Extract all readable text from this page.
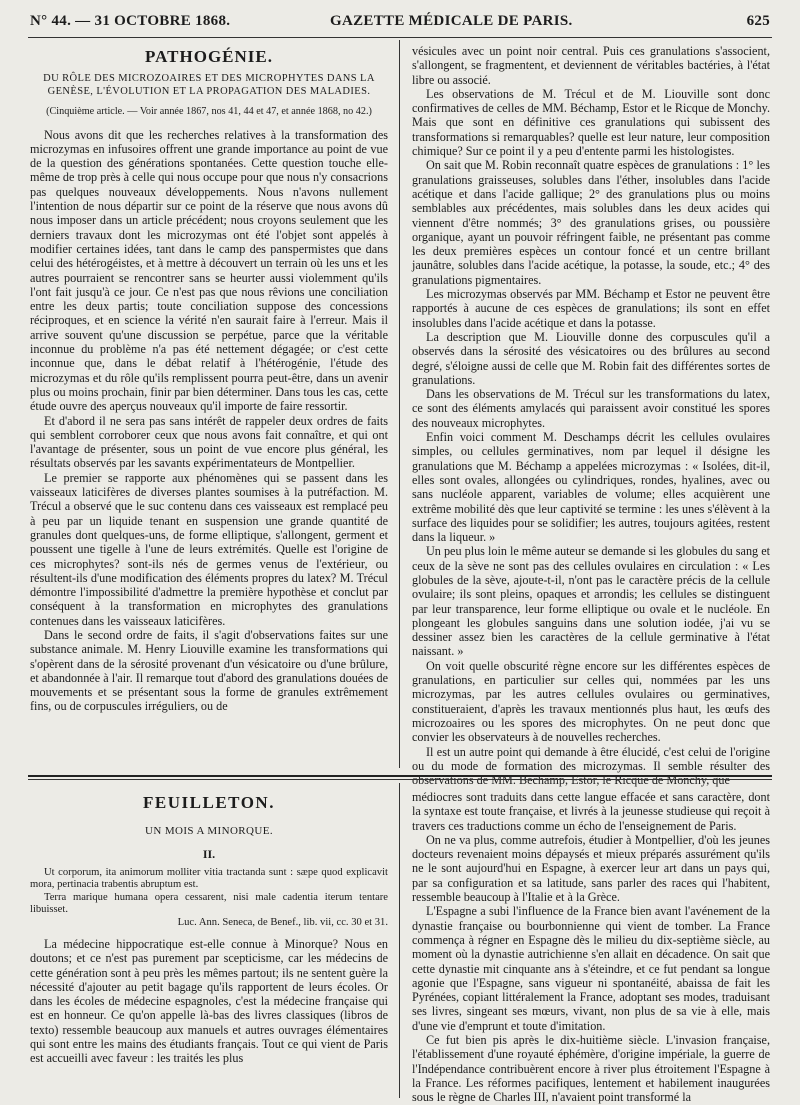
N° 44. — 31 OCTOBRE 1868.	GAZETTE MÉDICALE DE PARIS.	625
PATHOGÉNIE.
DU RÔLE DES MICROZOAIRES ET DES MICROPHYTES DANS LA GENÈSE, L'ÉVOLUTION ET LA PROPAGATION DES MALADIES.
(Cinquième article. — Voir année 1867, nos 41, 44 et 47, et année 1868, no 42.)

Nous avons dit que les recherches relatives à la transformation des microzymas en infusoires offrent une grande importance au point de vue de la question des générations spontanées. Cette question touche elle-même de trop près à celle qui nous occupe pour que nous n'y consacrions pas quelques nouveaux développements. Nous n'avons nullement l'intention de nous départir sur ce point de la réserve que nous avons dû nous imposer dans un article précédent; nous croyons seulement que les derniers travaux dont les microzymas ont été l'objet sont appelés à modifier certaines idées, tant dans le camp des panspermistes que dans celui des hétérogéistes, et à mettre à découvert un terrain où les uns et les autres pourraient se rencontrer sans se heurter aussi violemment qu'ils l'ont fait jusqu'à ce jour. Ce n'est pas que nous rêvions une conciliation entre les deux partis; toute conciliation suppose des concessions réciproques, et en science la vérité n'en saurait faire à l'erreur. Mais il arrive souvent qu'une discussion se perpétue, parce que la véritable inconnue du problème n'a pas été nettement dégagée; or c'est cette inconnue que, dans le débat relatif à l'hétérogénie, l'étude des microzymas et du rôle qu'ils remplissent pourra peut-être, dans un avenir plus ou moins prochain, finir par bien déterminer. Dans tous les cas, cette étude ouvre des aperçus nouveaux qu'il importe de faire ressortir.

Et d'abord il ne sera pas sans intérêt de rappeler deux ordres de faits qui semblent corroborer ceux que nous avons fait connaître, et qui ont l'avantage de présenter, sous un point de vue encore plus général, les résultats observés par les savants expérimentateurs de Montpellier.

Le premier se rapporte aux phénomènes qui se passent dans les vaisseaux laticifères de diverses plantes soumises à la putréfaction. M. Trécul a observé que le suc contenu dans ces vaisseaux est remplacé peu à peu par un liquide tenant en suspension une grande quantité de granules dont quelques-uns, de forme elliptique, s'allongent, germent et poussent une tigelle à l'une de leurs extrémités. Quelle est l'origine de ces microphytes? sont-ils nés de germes venus de l'extérieur, ou résultent-ils d'une modification des éléments propres du latex? M. Trécul démontre l'impossibilité d'admettre la première hypothèse et conclut par conséquent à la transformation en microphytes des granulations contenues dans les vaisseaux laticifères.

Dans le second ordre de faits, il s'agit d'observations faites sur une substance animale. M. Henry Liouville examine les transformations qui s'opèrent dans de la sérosité provenant d'un vésicatoire ou d'une brûlure, et abandonnée à l'air. Il remarque tout d'abord des granulations douées de mouvements et se présentant sous la forme de granules extrêmement fins, ou de corpuscules irréguliers, ou de

vésicules avec un point noir central. Puis ces granulations s'associent, s'allongent, se fragmentent, et deviennent de véritables bactéries, à l'état libre ou associé.

Les observations de M. Trécul et de M. Liouville sont donc confirmatives de celles de MM. Béchamp, Estor et le Ricque de Monchy. Mais que sont en définitive ces granulations qui subissent des transformations si remarquables? quelle est leur nature, leur composition chimique? Sur ce point il y a peu d'entente parmi les histologistes.

On sait que M. Robin reconnaît quatre espèces de granulations : 1° les granulations graisseuses, solubles dans l'éther, insolubles dans l'acide acétique et dans l'acide gallique; 2° des granulations plus ou moins semblables aux précédentes, mais solubles dans les deux acides qui viennent d'être nommés; 3° des granulations grises, ou poussière organique, ayant un pouvoir réfringent faible, ne présentant pas comme les deux premières espèces un contour foncé et un centre brillant jaunâtre, solubles dans l'acide acétique, la potasse, la soude, etc.; 4° des granulations pigmentaires.

Les microzymas observés par MM. Béchamp et Estor ne peuvent être rapportés à aucune de ces espèces de granulations; ils sont en effet insolubles dans l'acide acétique et dans la potasse.

La description que M. Liouville donne des corpuscules qu'il a observés dans la sérosité des vésicatoires ou des brûlures au second degré, s'éloigne aussi de celle que M. Robin fait des différentes sortes de granulations.

Dans les observations de M. Trécul sur les transformations du latex, ce sont des éléments amylacés qui paraissent avoir constitué les spores des nouveaux microphytes.

Enfin voici comment M. Deschamps décrit les cellules ovulaires simples, ou cellules germinatives, nom par lequel il désigne les granulations que M. Béchamp a appelées microzymas : « Isolées, dit-il, elles sont ovales, allongées ou cylindriques, rondes, hyalines, avec ou sans nucléole apparent, variables de volume; elles acquièrent une extrême mobilité dès que leur captivité se termine : les unes s'élèvent à la surface des liquides pour se solidifier; les autres, toujours agitées, restent dans la liqueur. »

Un peu plus loin le même auteur se demande si les globules du sang et ceux de la sève ne sont pas des cellules ovulaires en circulation : « Les globules de la sève, ajoute-t-il, n'ont pas le caractère précis de la cellule ovulaire; ils sont pleins, opaques et arrondis; les cellules se distinguent par leur transparence, leur forme elliptique ou ovale et le nucléole. En plongeant les globules sanguins dans une solution iodée, j'ai vu se dessiner assez bien les caractères de la cellule germinative à l'état naissant. »

On voit quelle obscurité règne encore sur les différentes espèces de granulations, en particulier sur celles qui, nommées par les uns microzymas, par les autres cellules ovulaires ou germinatives, constitueraient, d'après les travaux mentionnés plus haut, les œufs des microzoaires ou les spores des microphytes. On ne peut donc que convier les observateurs à de nouvelles recherches.

Il est un autre point qui demande à être élucidé, c'est celui de l'origine ou du mode de formation des microzymas. Il semble résulter des observations de MM. Béchamp, Estor, le Ricque de Monchy, que

FEUILLETON.
UN MOIS A MINORQUE.
II.

Ut corporum, ita animorum molliter vitia tractanda sunt : sæpe quod explicavit mora, pertinacia trabentis abruptum est.

Terra marique humana opera cessarent, nisi male cadentia iterum tentare libuisset.

Luc. Ann. Seneca, de Benef., lib. vii, cc. 30 et 31.

La médecine hippocratique est-elle connue à Minorque? Nous en doutons; et ce n'est pas purement par scepticisme, car les médecins de cette génération sont à peu près les mêmes partout; ils ne sentent guère la nécessité d'ajouter au petit bagage qu'ils rapportent de leurs écoles. Or dans les écoles de médecine espagnoles, c'est la médecine française qui est en honneur. Ce qu'on appelle là-bas des livres classiques (libros de texto) ressemble beaucoup aux manuels et autres ouvrages élémentaires qui sont entre les mains des étudiants français. Tout ce qui vient de Paris est accueilli avec faveur : les traités les plus

médiocres sont traduits dans cette langue effacée et sans caractère, dont la syntaxe est toute française, et livrés à la jeunesse studieuse qui reçoit à travers ces traductions comme un écho de l'enseignement de Paris.

On ne va plus, comme autrefois, étudier à Montpellier, d'où les jeunes docteurs revenaient moins dépaysés et mieux préparés assurément qu'ils ne le sont aujourd'hui en Espagne, à exercer leur art dans un pays qui, par sa configuration et sa latitude, sans parler des races qui l'habitent, ressemble beaucoup à l'Italie et à la Grèce.

L'Espagne a subi l'influence de la France bien avant l'avénement de la dynastie française ou bourbonnienne qui vient de tomber. La France commença à régner en Espagne dès le milieu du dix-septième siècle, au moment où la dynastie autrichienne s'en allait en décadence. On sait que cette dynastie mit cinquante ans à s'éteindre, et ce fut pendant sa longue agonie que l'Espagne, sans vigueur ni spontanéité, abaissa de fait les Pyrénées, copiant littéralement la France, adoptant ses modes, traduisant ses livres, singeant ses mœurs, vivant, non plus de sa vie à elle, mais d'une vie d'emprunt et toute d'imitation.

Ce fut bien pis après le dix-huitième siècle. L'invasion française, l'établissement d'une royauté éphémère, d'origine impériale, la guerre de l'Indépendance contribuèrent encore à river plus étroitement l'Espagne à la France. Les réformes pacifiques, lentement et habilement inaugurées sous le règne de Charles III, n'avaient point transformé la
